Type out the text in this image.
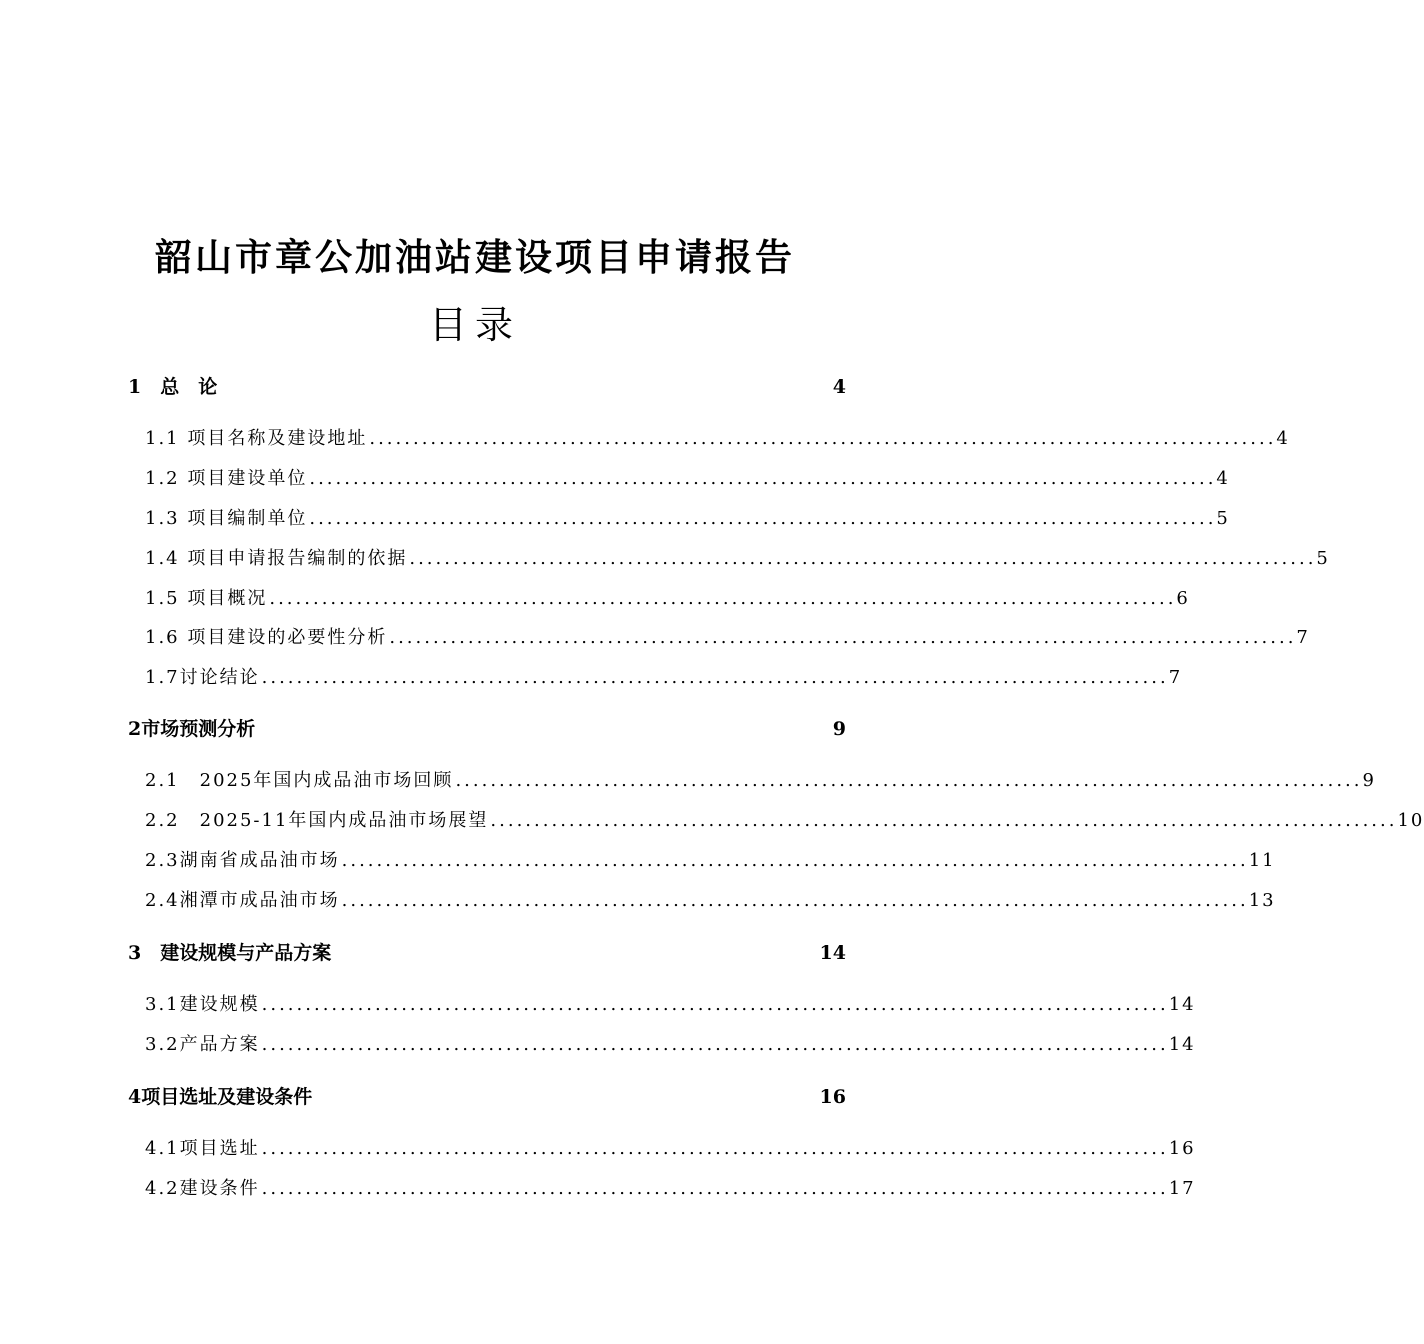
韶山市章公加油站建设项目申请报告
目录
1　总　论	4
1.1 项目名称及建设地址 ........................................................................................................ 4
1.2 项目建设单位 ........................................................................................................ 4
1.3 项目编制单位 ........................................................................................................ 5
1.4 项目申请报告编制的依据 ........................................................................................................ 5
1.5 项目概况 ........................................................................................................ 6
1.6 项目建设的必要性分析 ........................................................................................................ 7
1.7讨论结论 ........................................................................................................ 7
2市场预测分析	9
2.1　2025年国内成品油市场回顾 ........................................................................................................ 9
2.2　2025-11年国内成品油市场展望 ........................................................................................................ 10
2.3湖南省成品油市场 ........................................................................................................ 11
2.4湘潭市成品油市场 ........................................................................................................ 13
3　建设规模与产品方案	14
3.1建设规模 ........................................................................................................ 14
3.2产品方案 ........................................................................................................ 14
4项目选址及建设条件	16
4.1项目选址 ........................................................................................................ 16
4.2建设条件 ........................................................................................................ 17
